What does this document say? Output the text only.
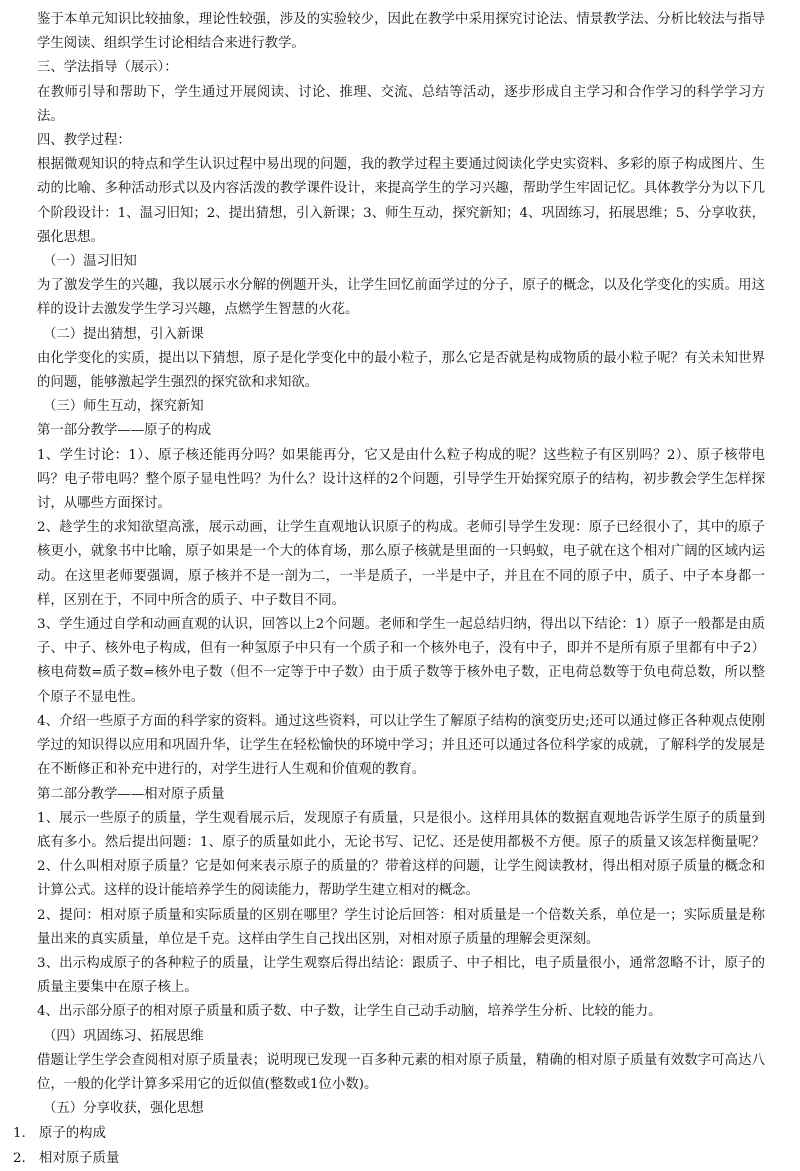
鉴于本单元知识比较抽象，理论性较强，涉及的实验较少，因此在教学中采用探究讨论法、情景教学法、分析比较法与指导学生阅读、组织学生讨论相结合来进行教学。

三、学法指导（展示）：

在教师引导和帮助下，学生通过开展阅读、讨论、推理、交流、总结等活动，逐步形成自主学习和合作学习的科学学习方法。

四、教学过程：

根据微观知识的特点和学生认识过程中易出现的问题，我的教学过程主要通过阅读化学史实资料、多彩的原子构成图片、生动的比喻、多种活动形式以及内容活泼的教学课件设计，来提高学生的学习兴趣，帮助学生牢固记忆。具体教学分为以下几个阶段设计：1、温习旧知；2、提出猜想，引入新课；3、师生互动，探究新知；4、巩固练习，拓展思维；5、分享收获，强化思想。

（一）温习旧知

为了激发学生的兴趣，我以展示水分解的例题开头，让学生回忆前面学过的分子，原子的概念，以及化学变化的实质。用这样的设计去激发学生学习兴趣，点燃学生智慧的火花。

（二）提出猜想，引入新课

由化学变化的实质，提出以下猜想，原子是化学变化中的最小粒子，那么它是否就是构成物质的最小粒子呢？有关未知世界的问题，能够激起学生强烈的探究欲和求知欲。

（三）师生互动，探究新知

第一部分教学——原子的构成

1、学生讨论：1）、原子核还能再分吗？如果能再分，它又是由什么粒子构成的呢？这些粒子有区别吗？2）、原子核带电吗？电子带电吗？整个原子显电性吗？为什么？设计这样的2个问题，引导学生开始探究原子的结构，初步教会学生怎样探讨，从哪些方面探讨。

2、趁学生的求知欲望高涨，展示动画，让学生直观地认识原子的构成。老师引导学生发现：原子已经很小了，其中的原子核更小，就象书中比喻，原子如果是一个大的体育场，那么原子核就是里面的一只蚂蚁，电子就在这个相对广阔的区域内运动。在这里老师要强调，原子核并不是一剖为二，一半是质子，一半是中子，并且在不同的原子中，质子、中子本身都一样，区别在于，不同中所含的质子、中子数目不同。

3、学生通过自学和动画直观的认识，回答以上2个问题。老师和学生一起总结归纳，得出以下结论：1）原子一般都是由质子、中子、核外电子构成，但有一种氢原子中只有一个质子和一个核外电子，没有中子，即并不是所有原子里都有中子2）核电荷数=质子数=核外电子数（但不一定等于中子数）由于质子数等于核外电子数，正电荷总数等于负电荷总数，所以整个原子不显电性。

4、介绍一些原子方面的科学家的资料。通过这些资料，可以让学生了解原子结构的演变历史;还可以通过修正各种观点使刚学过的知识得以应用和巩固升华，让学生在轻松愉快的环境中学习；并且还可以通过各位科学家的成就，了解科学的发展是在不断修正和补充中进行的，对学生进行人生观和价值观的教育。

第二部分教学——相对原子质量

1、展示一些原子的质量，学生观看展示后，发现原子有质量，只是很小。这样用具体的数据直观地告诉学生原子的质量到底有多小。然后提出问题：1、原子的质量如此小，无论书写、记忆、还是使用都极不方便。原子的质量又该怎样衡量呢？2、什么叫相对原子质量？它是如何来表示原子的质量的？带着这样的问题，让学生阅读教材，得出相对原子质量的概念和计算公式。这样的设计能培养学生的阅读能力，帮助学生建立相对的概念。

2、提问：相对原子质量和实际质量的区别在哪里？学生讨论后回答：相对质量是一个倍数关系，单位是一；实际质量是称量出来的真实质量，单位是千克。这样由学生自己找出区别，对相对原子质量的理解会更深刻。

3、出示构成原子的各种粒子的质量，让学生观察后得出结论：跟质子、中子相比，电子质量很小，通常忽略不计，原子的质量主要集中在原子核上。

4、出示部分原子的相对原子质量和质子数、中子数，让学生自己动手动脑，培养学生分析、比较的能力。

（四）巩固练习、拓展思维

借题让学生学会查阅相对原子质量表；说明现已发现一百多种元素的相对原子质量，精确的相对原子质量有效数字可高达八位，一般的化学计算多采用它的近似值(整数或1位小数)。

（五）分享收获，强化思想

1. 原子的构成
2. 相对原子质量
